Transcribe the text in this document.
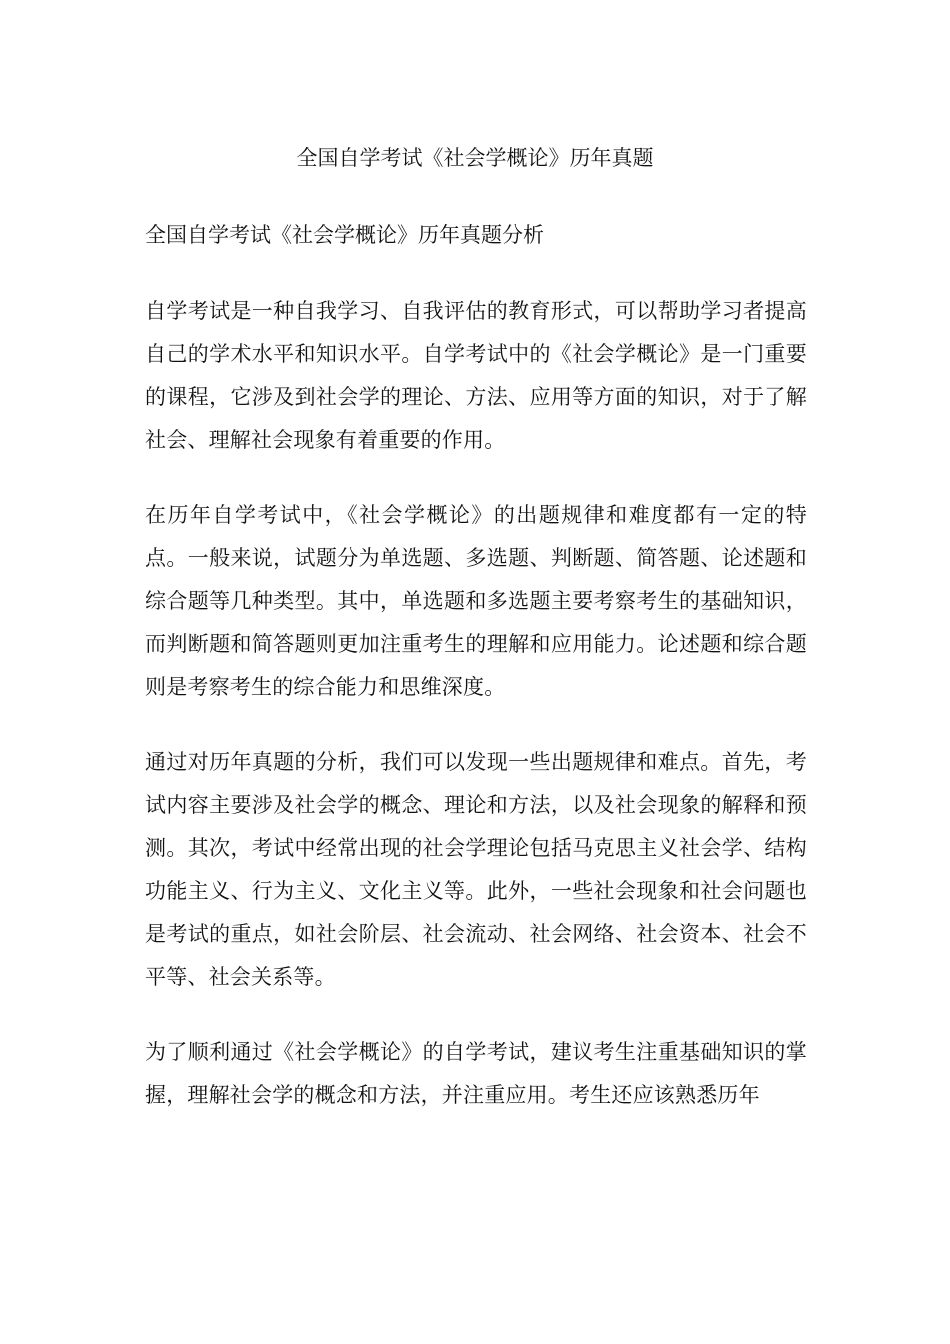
全国自学考试《社会学概论》历年真题
全国自学考试《社会学概论》历年真题分析

自学考试是一种自我学习、自我评估的教育形式，可以帮助学习者提高自己的学术水平和知识水平。自学考试中的《社会学概论》是一门重要的课程，它涉及到社会学的理论、方法、应用等方面的知识，对于了解社会、理解社会现象有着重要的作用。

在历年自学考试中，《社会学概论》的出题规律和难度都有一定的特点。一般来说，试题分为单选题、多选题、判断题、简答题、论述题和综合题等几种类型。其中，单选题和多选题主要考察考生的基础知识，而判断题和简答题则更加注重考生的理解和应用能力。论述题和综合题则是考察考生的综合能力和思维深度。

通过对历年真题的分析，我们可以发现一些出题规律和难点。首先，考试内容主要涉及社会学的概念、理论和方法，以及社会现象的解释和预测。其次，考试中经常出现的社会学理论包括马克思主义社会学、结构功能主义、行为主义、文化主义等。此外，一些社会现象和社会问题也是考试的重点，如社会阶层、社会流动、社会网络、社会资本、社会不平等、社会关系等。

为了顺利通过《社会学概论》的自学考试，建议考生注重基础知识的掌握，理解社会学的概念和方法，并注重应用。考生还应该熟悉历年
